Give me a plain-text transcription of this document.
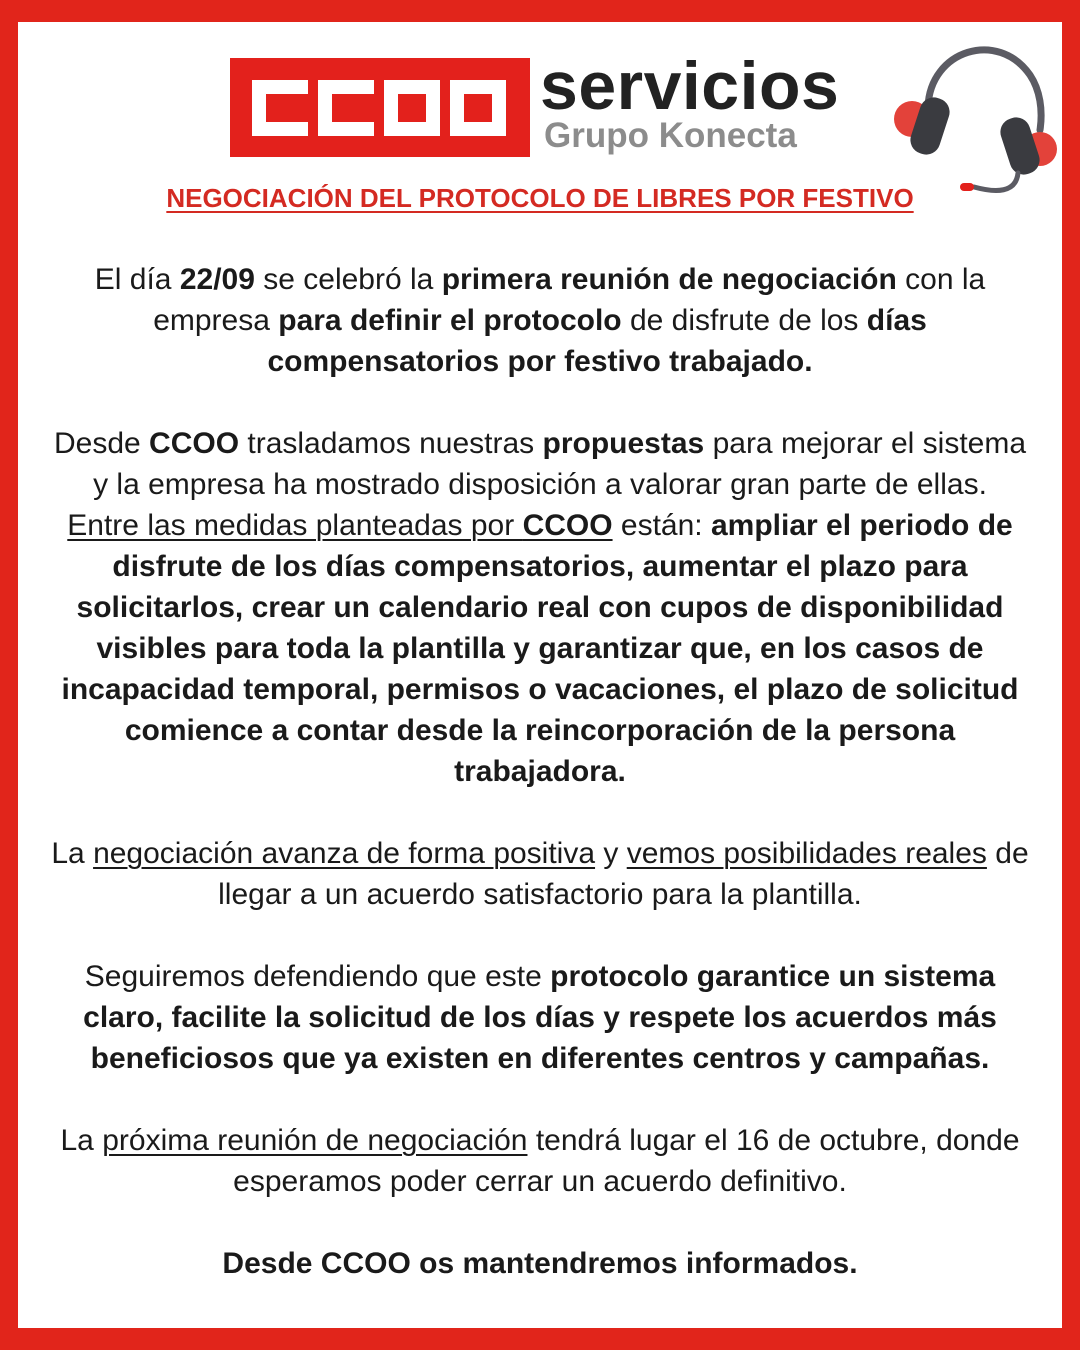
servicios
Grupo Konecta
NEGOCIACIÓN DEL PROTOCOLO DE LIBRES POR FESTIVO
El día 22/09 se celebró la primera reunión de negociación con la
empresa para definir el protocolo de disfrute de los días
compensatorios por festivo trabajado.
Desde CCOO trasladamos nuestras propuestas para mejorar el sistema
y la empresa ha mostrado disposición a valorar gran parte de ellas.
Entre las medidas planteadas por CCOO están: ampliar el periodo de
disfrute de los días compensatorios, aumentar el plazo para
solicitarlos, crear un calendario real con cupos de disponibilidad
visibles para toda la plantilla y garantizar que, en los casos de
incapacidad temporal, permisos o vacaciones, el plazo de solicitud
comience a contar desde la reincorporación de la persona
trabajadora.
La negociación avanza de forma positiva y vemos posibilidades reales de
llegar a un acuerdo satisfactorio para la plantilla.
Seguiremos defendiendo que este protocolo garantice un sistema
claro, facilite la solicitud de los días y respete los acuerdos más
beneficiosos que ya existen en diferentes centros y campañas.
La próxima reunión de negociación tendrá lugar el 16 de octubre, donde
esperamos poder cerrar un acuerdo definitivo.
Desde CCOO os mantendremos informados.
